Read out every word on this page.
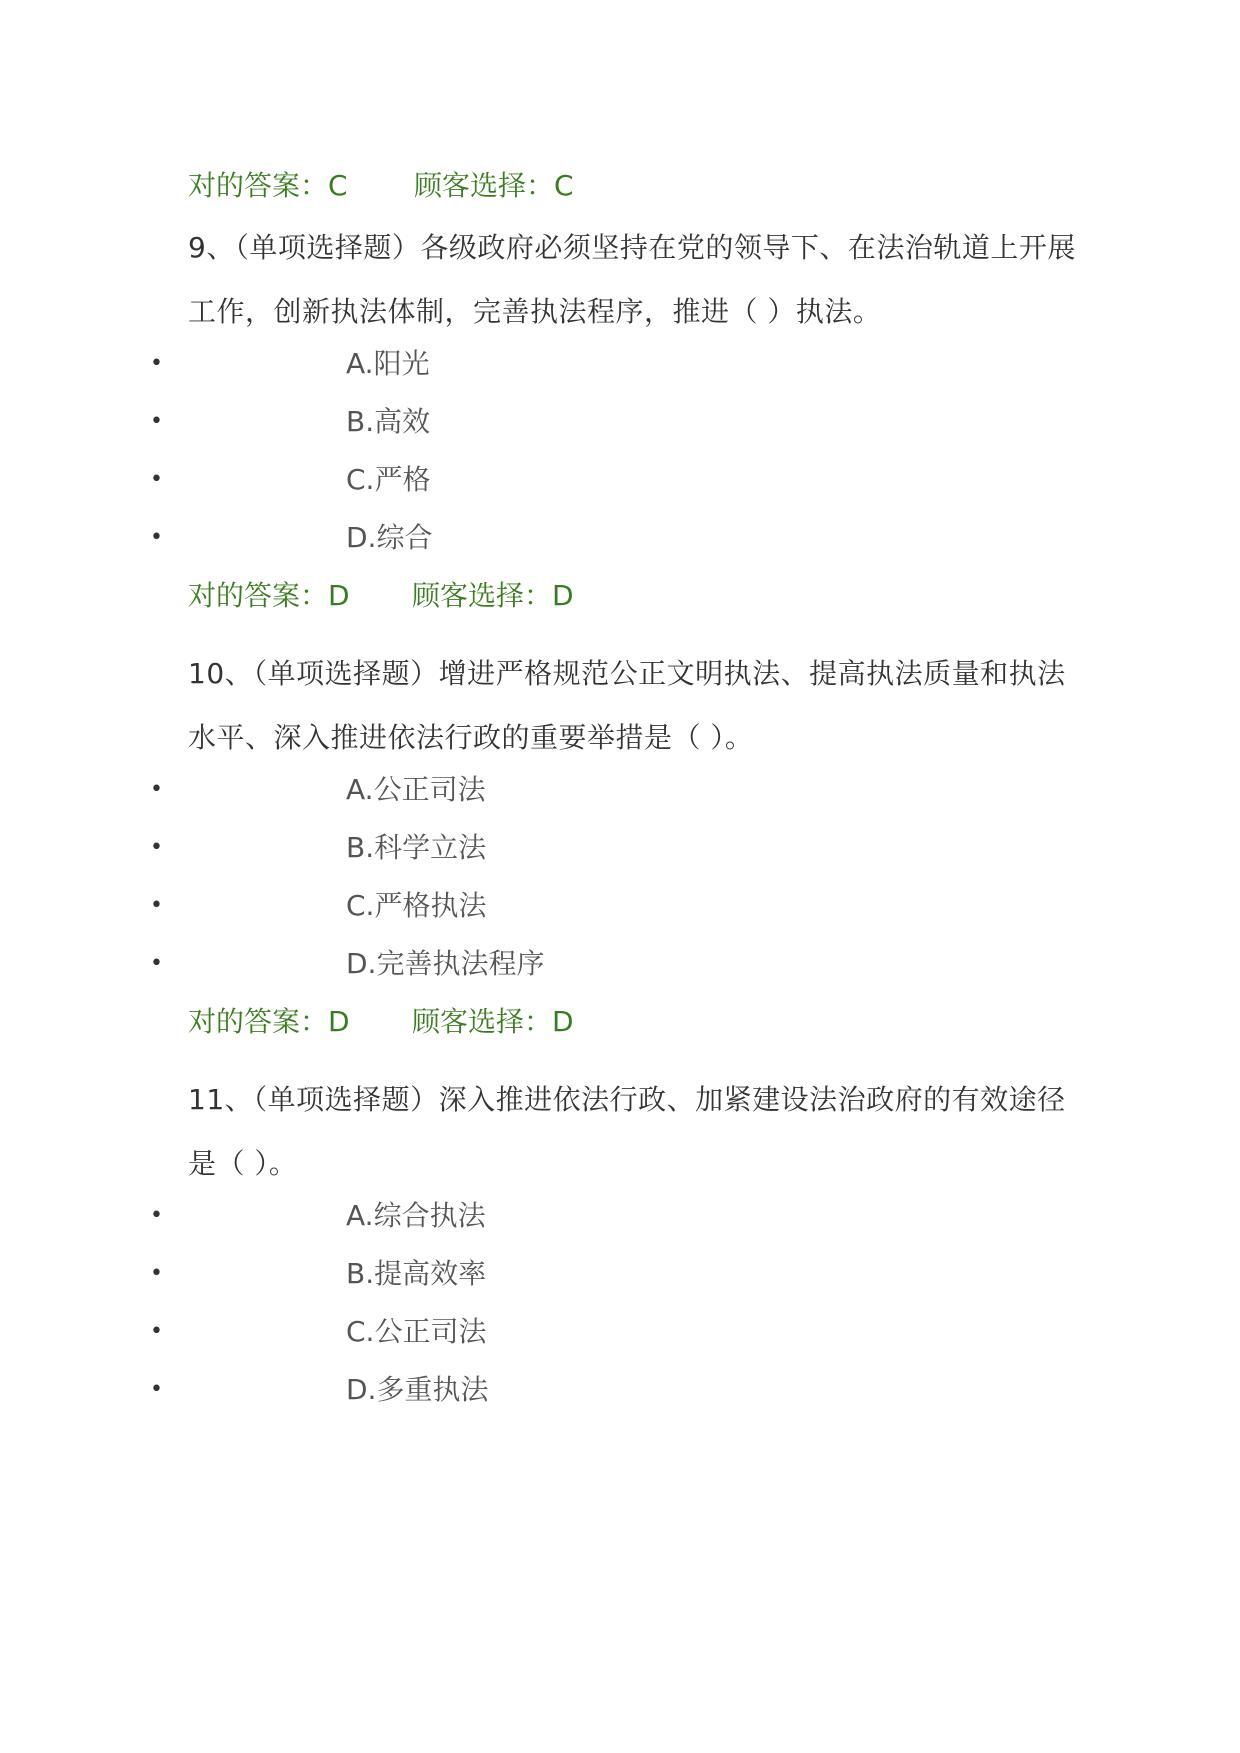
对的答案：C 顾客选择：C
9、（单项选择题）各级政府必须坚持在党的领导下、在法治轨道上开展工作，创新执法体制，完善执法程序，推进（ ）执法。
•	A.阳光
•	B.高效
•	C.严格
•	D.综合
对的答案：D 顾客选择：D
10、（单项选择题）增进严格规范公正文明执法、提高执法质量和执法水平、深入推进依法行政的重要举措是（ ）。
•	A.公正司法
•	B.科学立法
•	C.严格执法
•	D.完善执法程序
对的答案：D 顾客选择：D
11、（单项选择题）深入推进依法行政、加紧建设法治政府的有效途径是（ ）。
•	A.综合执法
•	B.提高效率
•	C.公正司法
•	D.多重执法
